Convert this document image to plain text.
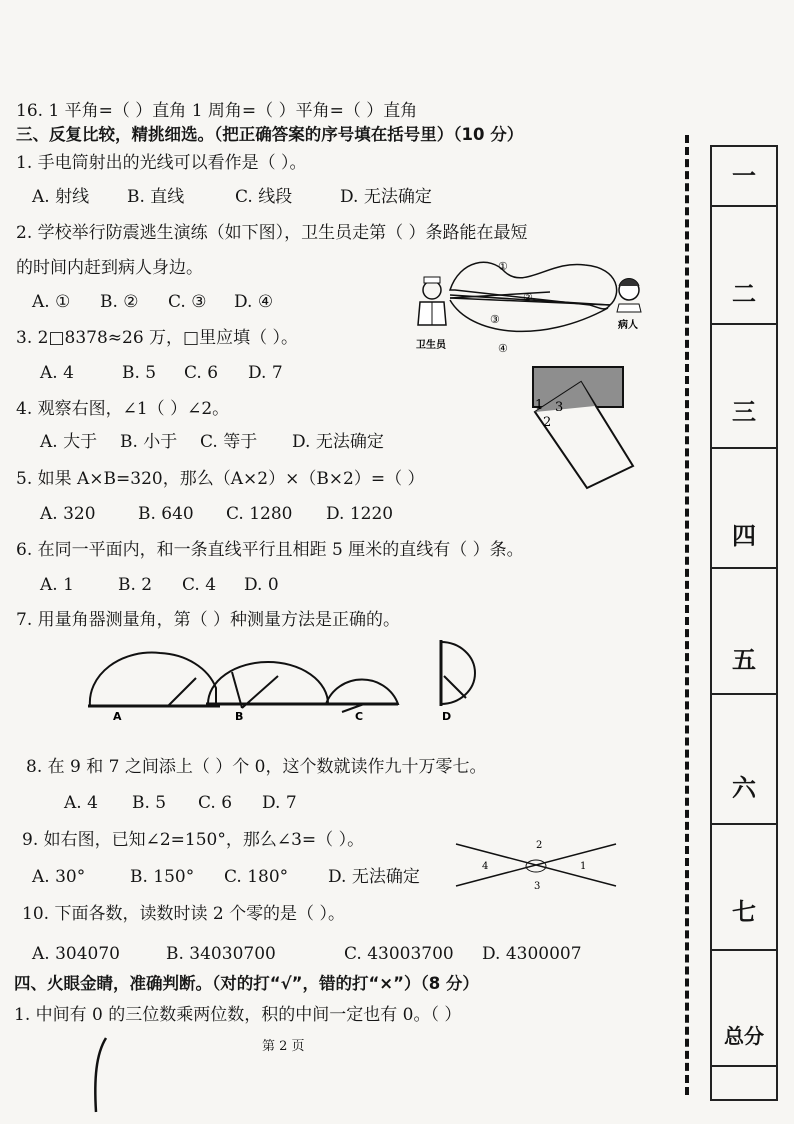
16. 1 平角=（ ）直角 1 周角=（ ）平角=（ ）直角
三、反复比较，精挑细选。（把正确答案的序号填在括号里）（10 分）
1. 手电筒射出的光线可以看作是（ ）。
A. 射线 B. 直线	C. 线段	D. 无法确定
2. 学校举行防震逃生演练（如下图），卫生员走第（ ）条路能在最短
的时间内赶到病人身边。
A. ① B. ② C. ③ D. ④
3. 2□8378≈26 万，□里应填（ ）。
A. 4	B. 5 C. 6 D. 7
4. 观察右图，∠1（ ）∠2。
A. 大于 B. 小于 C. 等于 D. 无法确定
5. 如果 A×B=320，那么（A×2）×（B×2）=（ ）
A. 320 B. 640 C. 1280 D. 1220
6. 在同一平面内，和一条直线平行且相距 5 厘米的直线有（ ）条。
A. 1	B. 2 C. 4 D. 0
7. 用量角器测量角，第（ ）种测量方法是正确的。
A	B	C	D
8. 在 9 和 7 之间添上（ ）个 0，这个数就读作九十万零七。
A. 4 B. 5 C. 6 D. 7
9. 如右图，已知∠2=150°，那么∠3=（ ）。
A. 30°	B. 150° C. 180° D. 无法确定
10. 下面各数，读数时读 2 个零的是（ ）。
A. 304070	B. 34030700	C. 43003700 D. 4300007
四、火眼金睛，准确判断。（对的打“√”，错的打“×”）（8 分）
1. 中间有 0 的三位数乘两位数，积的中间一定也有 0。（ ）
第 2 页
①
②
③
④
卫生员
病人
1
2
3
2
4	1
3
一
二
三
四
五
六
七
总分
